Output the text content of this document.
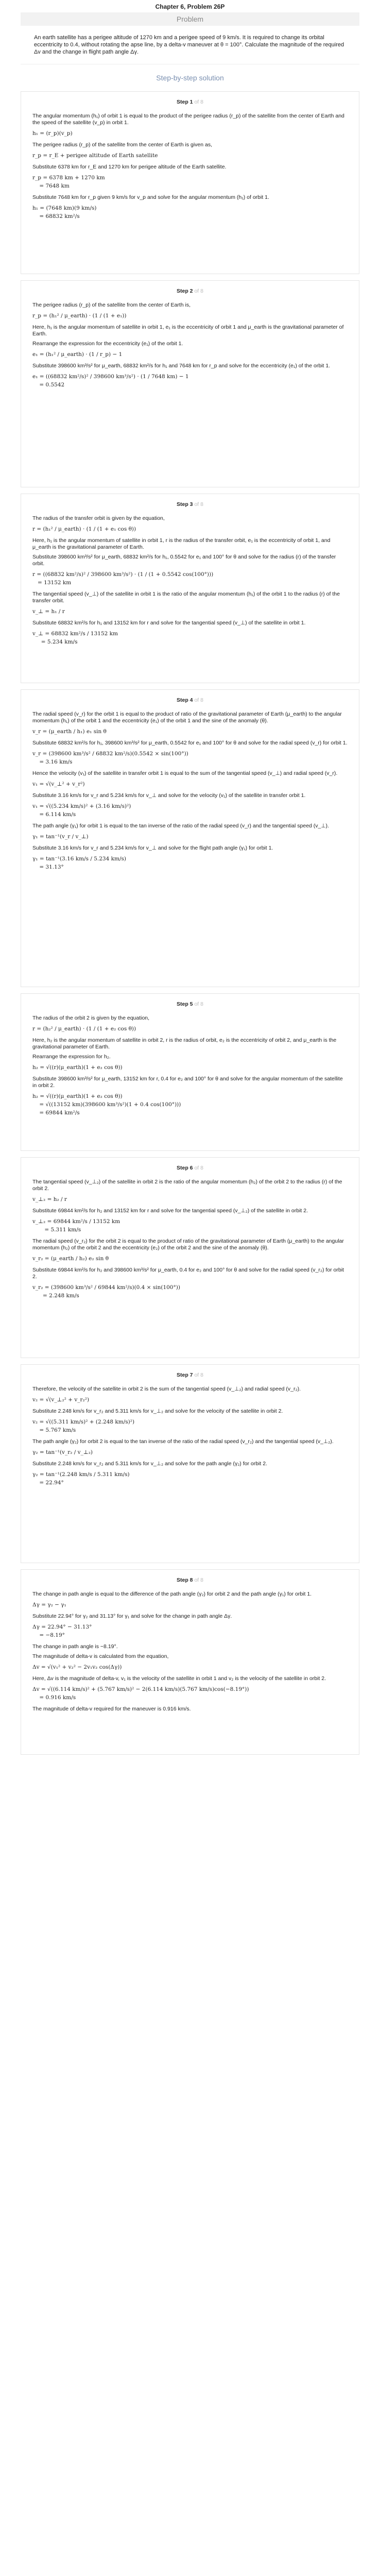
Chapter 6, Problem 26P
Problem
An earth satellite has a perigee altitude of 1270 km and a perigee speed of 9 km/s. It is required to change its orbital eccentricity to 0.4, without rotating the apse line, by a delta-v maneuver at θ = 100°. Calculate the magnitude of the required Δv and the change in flight path angle Δγ.
Step-by-step solution
Step 1 of 8
The angular momentum (h₁) of orbit 1 is equal to the product of the perigee radius (r_p) of the satellite from the center of Earth and the speed of the satellite (v_p) in orbit 1.
h₁ = (r_p)(v_p)
The perigee radius (r_p) of the satellite from the center of Earth is given as,
r_p = r_E + perigee altitude of Earth satellite
Substitute 6378 km for r_E and 1270 km for perigee altitude of the Earth satellite.
r_p = 6378 km + 1270 km
= 7648 km
Substitute 7648 km for r_p given 9 km/s for v_p and solve for the angular momentum (h₁) of orbit 1.
h₁ = (7648 km)(9 km/s)
= 68832 km²/s
Step 2 of 8
The perigee radius (r_p) of the satellite from the center of Earth is,
r_p = (h₁² / μ_earth) · (1 / (1 + e₁))
Here, h₁ is the angular momentum of satellite in orbit 1, e₁ is the eccentricity of orbit 1 and μ_earth is the gravitational parameter of Earth.
Rearrange the expression for the eccentricity (e₁) of the orbit 1.
e₁ = (h₁² / μ_earth) · (1 / r_p) − 1
Substitute 398600 km³/s² for μ_earth, 68832 km²/s for h₁ and 7648 km for r_p and solve for the eccentricity (e₁) of the orbit 1.
e₁ = ((68832 km²/s)² / 398600 km³/s²) · (1 / 7648 km) − 1
= 0.5542
Step 3 of 8
The radius of the transfer orbit is given by the equation,
r = (h₁² / μ_earth) · (1 / (1 + e₁ cos θ))
Here, h₁ is the angular momentum of satellite in orbit 1, r is the radius of the transfer orbit, e₁ is the eccentricity of orbit 1, and μ_earth is the gravitational parameter of Earth.
Substitute 398600 km³/s² for μ_earth, 68832 km²/s for h₁, 0.5542 for e₁ and 100° for θ and solve for the radius (r) of the transfer orbit.
r = ((68832 km²/s)² / 398600 km³/s²) · (1 / (1 + 0.5542 cos(100°)))
= 13152 km
The tangential speed (v_⊥) of the satellite in orbit 1 is the ratio of the angular momentum (h₁) of the orbit 1 to the radius (r) of the transfer orbit.
v_⊥ = h₁ / r
Substitute 68832 km²/s for h₁ and 13152 km for r and solve for the tangential speed (v_⊥) of the satellite in orbit 1.
v_⊥ = 68832 km²/s / 13152 km
= 5.234 km/s
Step 4 of 8
The radial speed (v_r) for the orbit 1 is equal to the product of ratio of the gravitational parameter of Earth (μ_earth) to the angular momentum (h₁) of the orbit 1 and the eccentricity (e₁) of the orbit 1 and the sine of the anomaly (θ).
v_r = (μ_earth / h₁) e₁ sin θ
Substitute 68832 km²/s for h₁, 398600 km³/s² for μ_earth, 0.5542 for e₁ and 100° for θ and solve for the radial speed (v_r) for orbit 1.
v_r = (398600 km³/s² / 68832 km²/s)(0.5542 × sin(100°))
= 3.16 km/s
Hence the velocity (v₁) of the satellite in transfer orbit 1 is equal to the sum of the tangential speed (v_⊥) and radial speed (v_r).
v₁ = √(v_⊥² + v_r²)
Substitute 3.16 km/s for v_r and 5.234 km/s for v_⊥ and solve for the velocity (v₁) of the satellite in transfer orbit 1.
v₁ = √((5.234 km/s)² + (3.16 km/s)²)
= 6.114 km/s
The path angle (γ₁) for orbit 1 is equal to the tan inverse of the ratio of the radial speed (v_r) and the tangential speed (v_⊥).
γ₁ = tan⁻¹(v_r / v_⊥)
Substitute 3.16 km/s for v_r and 5.234 km/s for v_⊥ and solve for the flight path angle (γ₁) for orbit 1.
γ₁ = tan⁻¹(3.16 km/s / 5.234 km/s)
= 31.13°
Step 5 of 8
The radius of the orbit 2 is given by the equation,
r = (h₂² / μ_earth) · (1 / (1 + e₂ cos θ))
Here, h₂ is the angular momentum of satellite in orbit 2, r is the radius of orbit, e₂ is the eccentricity of orbit 2, and μ_earth is the gravitational parameter of Earth.
Rearrange the expression for h₂.
h₂ = √((r)(μ_earth)(1 + e₂ cos θ))
Substitute 398600 km³/s² for μ_earth, 13152 km for r, 0.4 for e₂ and 100° for θ and solve for the angular momentum of the satellite in orbit 2.
h₂ = √((r)(μ_earth)(1 + e₂ cos θ))
= √((13152 km)(398600 km³/s²)(1 + 0.4 cos(100°)))
= 69844 km²/s
Step 6 of 8
The tangential speed (v_⊥₂) of the satellite in orbit 2 is the ratio of the angular momentum (h₂) of the orbit 2 to the radius (r) of the orbit 2.
v_⊥₂ = h₂ / r
Substitute 69844 km²/s for h₂ and 13152 km for r and solve for the tangential speed (v_⊥₂) of the satellite in orbit 2.
v_⊥₂ = 69844 km²/s / 13152 km
= 5.311 km/s
The radial speed (v_r₂) for the orbit 2 is equal to the product of ratio of the gravitational parameter of Earth (μ_earth) to the angular momentum (h₂) of the orbit 2 and the eccentricity (e₂) of the orbit 2 and the sine of the anomaly (θ).
v_r₂ = (μ_earth / h₂) e₂ sin θ
Substitute 69844 km²/s for h₂ and 398600 km³/s² for μ_earth, 0.4 for e₂ and 100° for θ and solve for the radial speed (v_r₂) for orbit 2.
v_r₂ = (398600 km³/s² / 69844 km²/s)(0.4 × sin(100°))
= 2.248 km/s
Step 7 of 8
Therefore, the velocity of the satellite in orbit 2 is the sum of the tangential speed (v_⊥₂) and radial speed (v_r₂).
v₂ = √(v_⊥₂² + v_r₂²)
Substitute 2.248 km/s for v_r₂ and 5.311 km/s for v_⊥₂ and solve for the velocity of the satellite in orbit 2.
v₂ = √((5.311 km/s)² + (2.248 km/s)²)
= 5.767 km/s
The path angle (γ₂) for orbit 2 is equal to the tan inverse of the ratio of the radial speed (v_r₂) and the tangential speed (v_⊥₂).
γ₂ = tan⁻¹(v_r₂ / v_⊥₂)
Substitute 2.248 km/s for v_r₂ and 5.311 km/s for v_⊥₂ and solve for the path angle (γ₂) for orbit 2.
γ₂ = tan⁻¹(2.248 km/s / 5.311 km/s)
= 22.94°
Step 8 of 8
The change in path angle is equal to the difference of the path angle (γ₂) for orbit 2 and the path angle (γ₁) for orbit 1.
Δγ = γ₂ − γ₁
Substitute 22.94° for γ₂ and 31.13° for γ₁ and solve for the change in path angle Δγ.
Δγ = 22.94° − 31.13°
= −8.19°
The change in path angle is −8.19°.
The magnitude of delta-v is calculated from the equation,
Δv = √(v₁² + v₂² − 2v₁v₂ cos(Δγ))
Here, Δv is the magnitude of delta-v, v₁ is the velocity of the satellite in orbit 1 and v₂ is the velocity of the satellite in orbit 2.
Δv = √((6.114 km/s)² + (5.767 km/s)² − 2(6.114 km/s)(5.767 km/s)cos(−8.19°))
= 0.916 km/s
The magnitude of delta-v required for the maneuver is 0.916 km/s.
